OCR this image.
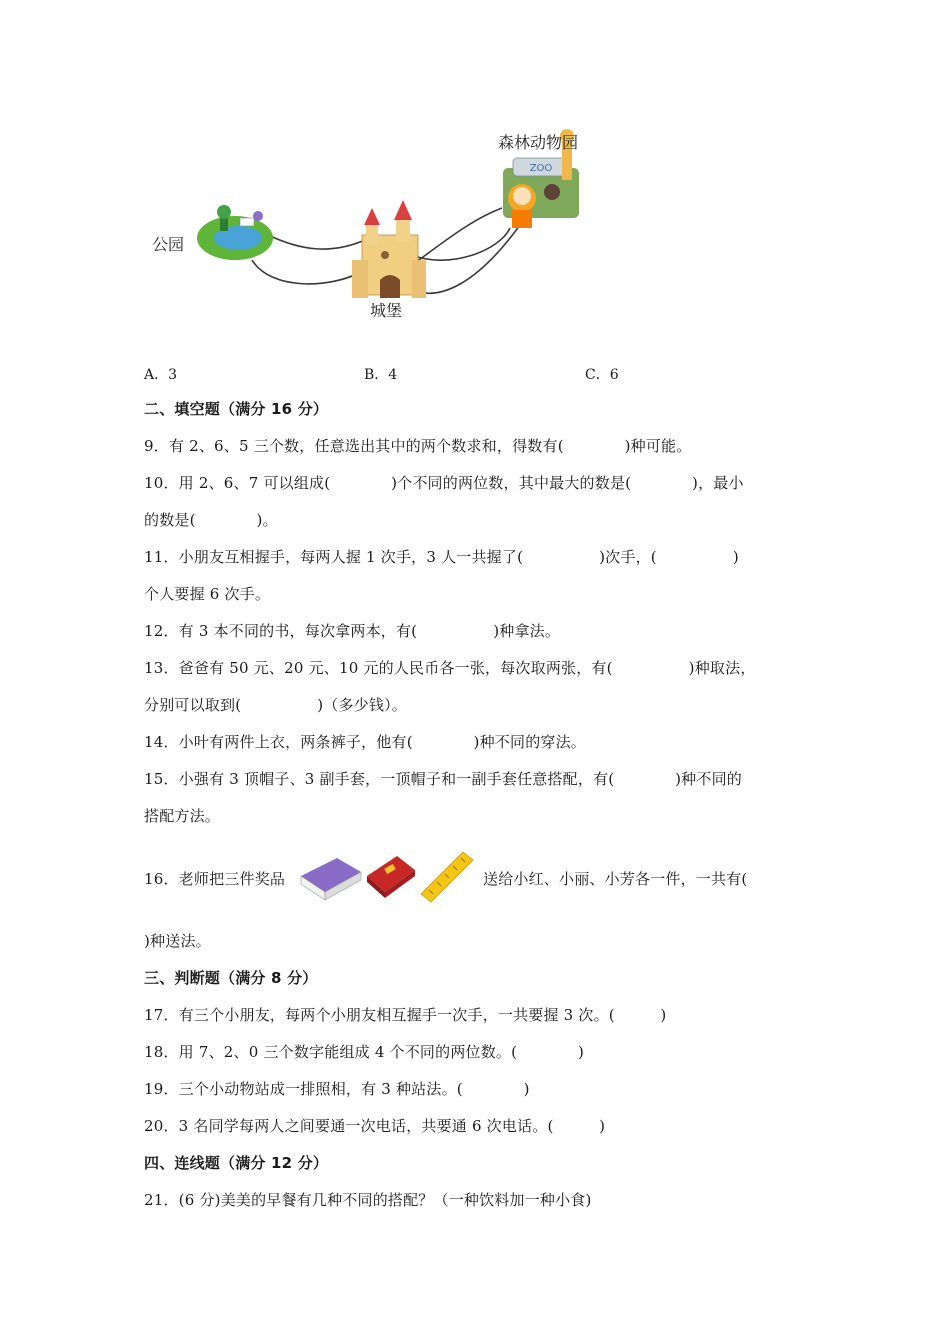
ZOO
公园
城堡
森林动物园
A．3	B．4	C．6
二、填空题（满分 16 分）
9．有 2、6、5 三个数，任意选出其中的两个数求和，得数有(　　　　)种可能。
10．用 2、6、7 可以组成(　　　　)个不同的两位数，其中最大的数是(　　　　)，最小
的数是(　　　　)。
11．小朋友互相握手，每两人握 1 次手，3 人一共握了(　　　　　)次手，(　　　　　)
个人要握 6 次手。
12．有 3 本不同的书，每次拿两本，有(　　　　　)种拿法。
13．爸爸有 50 元、20 元、10 元的人民币各一张，每次取两张，有(　　　　　)种取法，
分别可以取到(　　　　　)（多少钱）。
14．小叶有两件上衣，两条裤子，他有(　　　　)种不同的穿法。
15．小强有 3 顶帽子、3 副手套，一顶帽子和一副手套任意搭配，有(　　　　)种不同的
搭配方法。
16．老师把三件奖品	送给小红、小丽、小芳各一件，一共有(
)种送法。
三、判断题（满分 8 分）
17．有三个小朋友，每两个小朋友相互握手一次手，一共要握 3 次。(　　　)
18．用 7、2、0 三个数字能组成 4 个不同的两位数。(　　　　)
19．三个小动物站成一排照相，有 3 种站法。(　　　　)
20．3 名同学每两人之间要通一次电话，共要通 6 次电话。(　　　)
四、连线题（满分 12 分）
21．(6 分)美美的早餐有几种不同的搭配？（一种饮料加一种小食)
